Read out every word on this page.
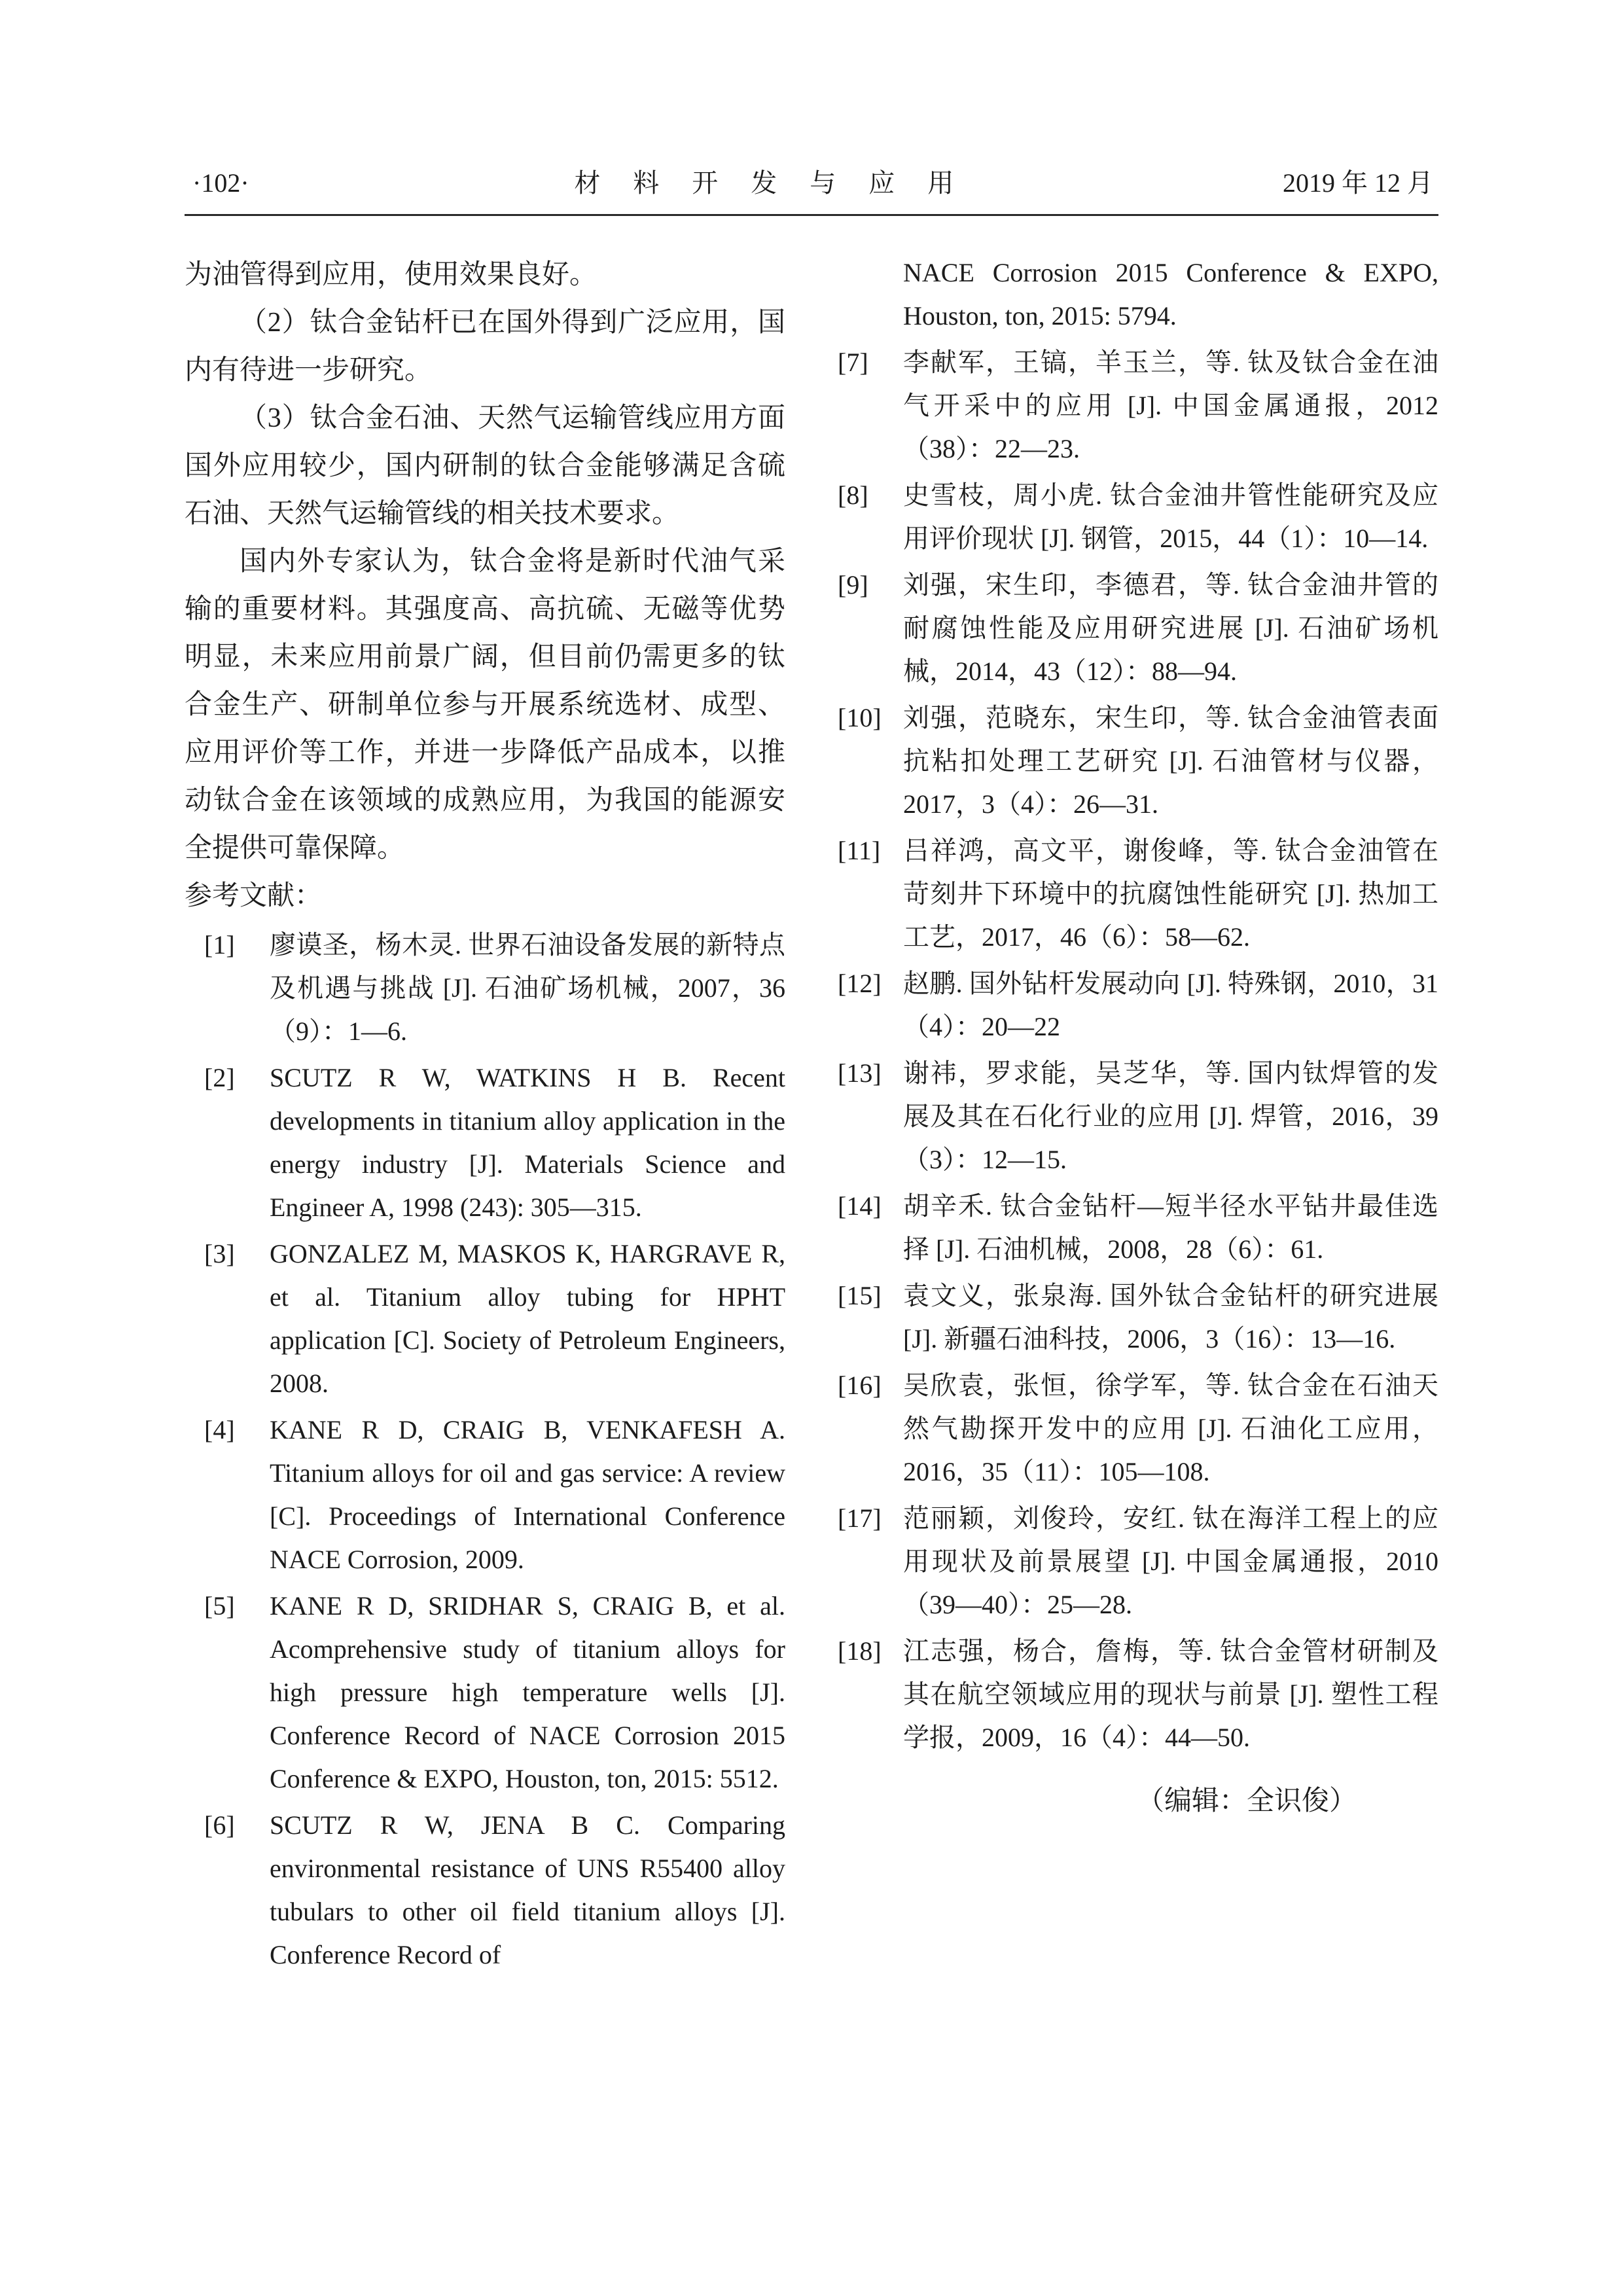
·102·	材 料 开 发 与 应 用	2019 年 12 月

为油管得到应用，使用效果良好。

（2）钛合金钻杆已在国外得到广泛应用，国内有待进一步研究。

（3）钛合金石油、天然气运输管线应用方面国外应用较少，国内研制的钛合金能够满足含硫石油、天然气运输管线的相关技术要求。

国内外专家认为，钛合金将是新时代油气采输的重要材料。其强度高、高抗硫、无磁等优势明显，未来应用前景广阔，但目前仍需更多的钛合金生产、研制单位参与开展系统选材、成型、应用评价等工作，并进一步降低产品成本，以推动钛合金在该领域的成熟应用，为我国的能源安全提供可靠保障。

参考文献：

[1]	廖谟圣，杨木灵. 世界石油设备发展的新特点及机遇与挑战 [J]. 石油矿场机械，2007，36（9）：1—6.
[2]	SCUTZ R W, WATKINS H B. Recent developments in titanium alloy application in the energy industry [J]. Materials Science and Engineer A, 1998 (243): 305—315.
[3]	GONZALEZ M, MASKOS K, HARGRAVE R, et al. Titanium alloy tubing for HPHT application [C]. Society of Petroleum Engineers, 2008.
[4]	KANE R D, CRAIG B, VENKAFESH A. Titanium alloys for oil and gas service: A review [C]. Proceedings of International Conference NACE Corrosion, 2009.
[5]	KANE R D, SRIDHAR S, CRAIG B, et al. Acomprehensive study of titanium alloys for high pressure high temperature wells [J]. Conference Record of NACE Corrosion 2015 Conference & EXPO, Houston, ton, 2015: 5512.
[6]	SCUTZ R W, JENA B C. Comparing environmental resistance of UNS R55400 alloy tubulars to other oil field titanium alloys [J]. Conference Record of

NACE Corrosion 2015 Conference & EXPO, Houston, ton, 2015: 5794.

[7]	李献军，王镐，羊玉兰，等. 钛及钛合金在油气开采中的应用 [J]. 中国金属通报，2012（38）：22—23.
[8]	史雪枝，周小虎. 钛合金油井管性能研究及应用评价现状 [J]. 钢管，2015，44（1）：10—14.
[9]	刘强，宋生印，李德君，等. 钛合金油井管的耐腐蚀性能及应用研究进展 [J]. 石油矿场机械，2014，43（12）：88—94.
[10] 刘强，范晓东，宋生印，等. 钛合金油管表面抗粘扣处理工艺研究 [J]. 石油管材与仪器，2017，3（4）：26—31.
[11] 吕祥鸿，高文平，谢俊峰，等. 钛合金油管在苛刻井下环境中的抗腐蚀性能研究 [J]. 热加工工艺，2017，46（6）：58—62.
[12] 赵鹏. 国外钻杆发展动向 [J]. 特殊钢，2010，31（4）：20—22
[13] 谢祎，罗求能，吴芝华，等. 国内钛焊管的发展及其在石化行业的应用 [J]. 焊管，2016，39（3）：12—15.
[14] 胡辛禾. 钛合金钻杆—短半径水平钻井最佳选择 [J]. 石油机械，2008，28（6）：61.
[15] 袁文义，张泉海. 国外钛合金钻杆的研究进展 [J]. 新疆石油科技，2006，3（16）：13—16.
[16] 吴欣袁，张恒，徐学军，等. 钛合金在石油天然气勘探开发中的应用 [J]. 石油化工应用，2016，35（11）：105—108.
[17] 范丽颖，刘俊玲，安红. 钛在海洋工程上的应用现状及前景展望 [J]. 中国金属通报，2010（39—40）：25—28.
[18] 江志强，杨合，詹梅，等. 钛合金管材研制及其在航空领域应用的现状与前景 [J]. 塑性工程学报，2009，16（4）：44—50.

（编辑：全识俊）
